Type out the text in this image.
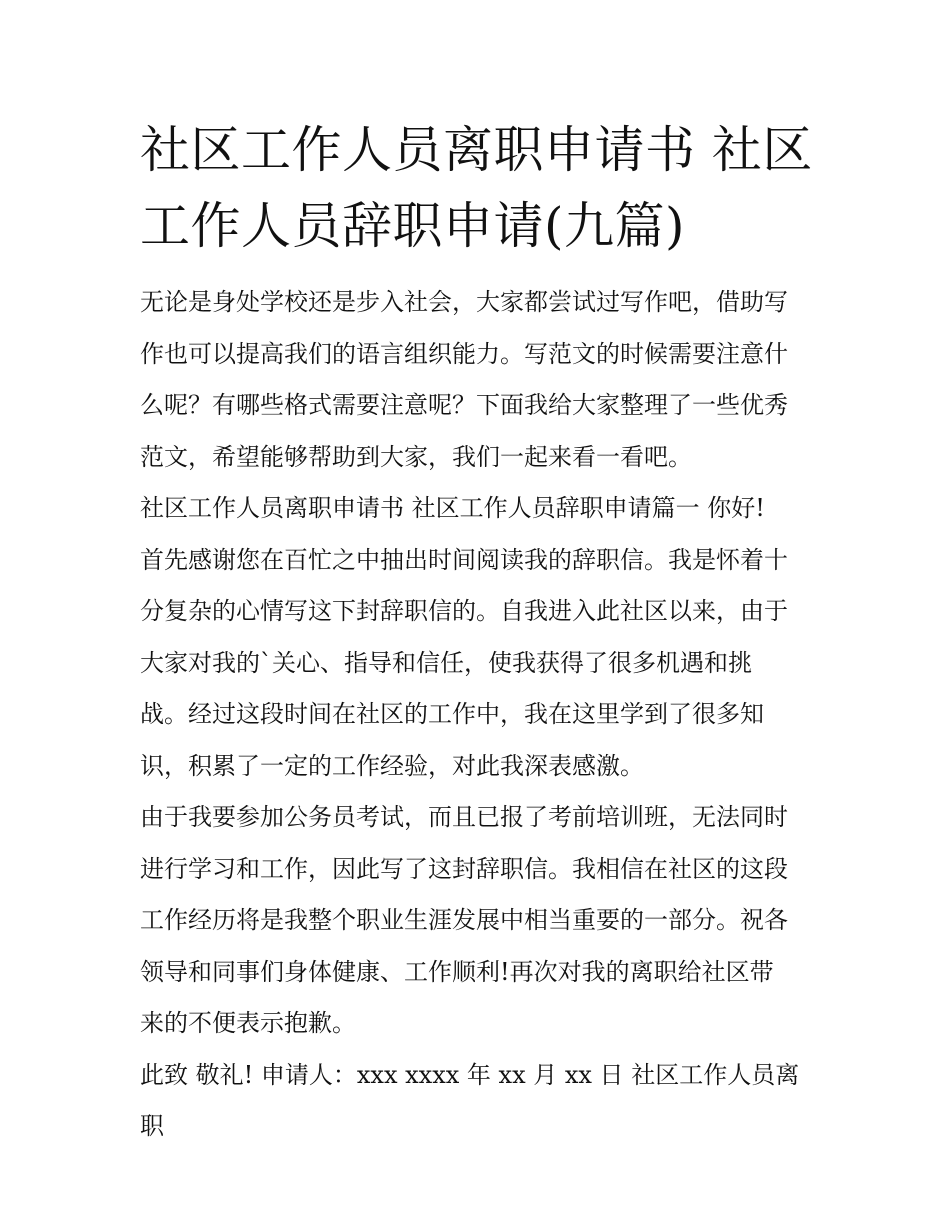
社区工作人员离职申请书 社区
工作人员辞职申请(九篇)

无论是身处学校还是步入社会，大家都尝试过写作吧，借助写
作也可以提高我们的语言组织能力。写范文的时候需要注意什
么呢？有哪些格式需要注意呢？下面我给大家整理了一些优秀
范文，希望能够帮助到大家，我们一起来看一看吧。

社区工作人员离职申请书 社区工作人员辞职申请篇一 你好!

首先感谢您在百忙之中抽出时间阅读我的辞职信。我是怀着十
分复杂的心情写这下封辞职信的。自我进入此社区以来，由于
大家对我的`关心、指导和信任，使我获得了很多机遇和挑
战。经过这段时间在社区的工作中，我在这里学到了很多知
识，积累了一定的工作经验，对此我深表感激。

由于我要参加公务员考试，而且已报了考前培训班，无法同时
进行学习和工作，因此写了这封辞职信。我相信在社区的这段
工作经历将是我整个职业生涯发展中相当重要的一部分。祝各
领导和同事们身体健康、工作顺利!再次对我的离职给社区带
来的不便表示抱歉。

此致 敬礼! 申请人：xxx xxxx 年 xx 月 xx 日 社区工作人员离职
